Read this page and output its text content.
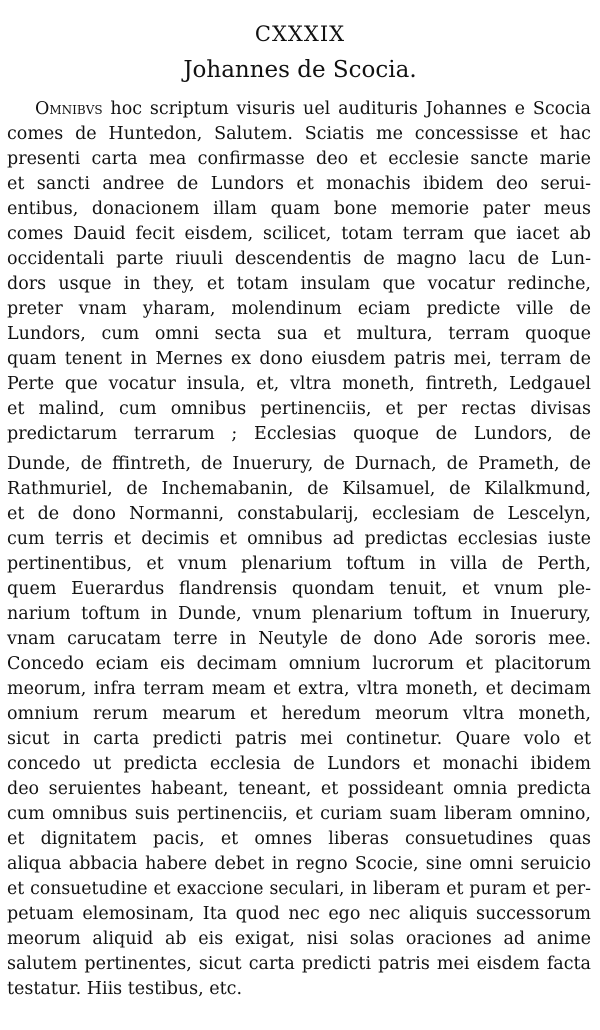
CXXXIX
Johannes de Scocia.
Omnibvs hoc scriptum visuris uel audituris Johannes e Scocia
comes de Huntedon, Salutem. Sciatis me concessisse et hac
presenti carta mea confirmasse deo et ecclesie sancte marie
et sancti andree de Lundors et monachis ibidem deo serui-
entibus, donacionem illam quam bone memorie pater meus
comes Dauid fecit eisdem, scilicet, totam terram que iacet ab
occidentali parte riuuli descendentis de magno lacu de Lun-
dors usque in they, et totam insulam que vocatur redinche,
preter vnam yharam, molendinum eciam predicte ville de
Lundors, cum omni secta sua et multura, terram quoque
quam tenent in Mernes ex dono eiusdem patris mei, terram de
Perte que vocatur insula, et, vltra moneth, fintreth, Ledgauel
et malind, cum omnibus pertinenciis, et per rectas divisas
predictarum terrarum ; Ecclesias quoque de Lundors, de
Dunde, de ffintreth, de Inuerury, de Durnach, de Prameth, de
Rathmuriel, de Inchemabanin, de Kilsamuel, de Kilalkmund,
et de dono Normanni, constabularij, ecclesiam de Lescelyn,
cum terris et decimis et omnibus ad predictas ecclesias iuste
pertinentibus, et vnum plenarium toftum in villa de Perth,
quem Euerardus flandrensis quondam tenuit, et vnum ple-
narium toftum in Dunde, vnum plenarium toftum in Inuerury,
vnam carucatam terre in Neutyle de dono Ade sororis mee.
Concedo eciam eis decimam omnium lucrorum et placitorum
meorum, infra terram meam et extra, vltra moneth, et decimam
omnium rerum mearum et heredum meorum vltra moneth,
sicut in carta predicti patris mei continetur. Quare volo et
concedo ut predicta ecclesia de Lundors et monachi ibidem
deo seruientes habeant, teneant, et possideant omnia predicta
cum omnibus suis pertinenciis, et curiam suam liberam omnino,
et dignitatem pacis, et omnes liberas consuetudines quas
aliqua abbacia habere debet in regno Scocie, sine omni seruicio
et consuetudine et exaccione seculari, in liberam et puram et per-
petuam elemosinam, Ita quod nec ego nec aliquis successorum
meorum aliquid ab eis exigat, nisi solas oraciones ad anime
salutem pertinentes, sicut carta predicti patris mei eisdem facta
testatur. Hiis testibus, etc.
